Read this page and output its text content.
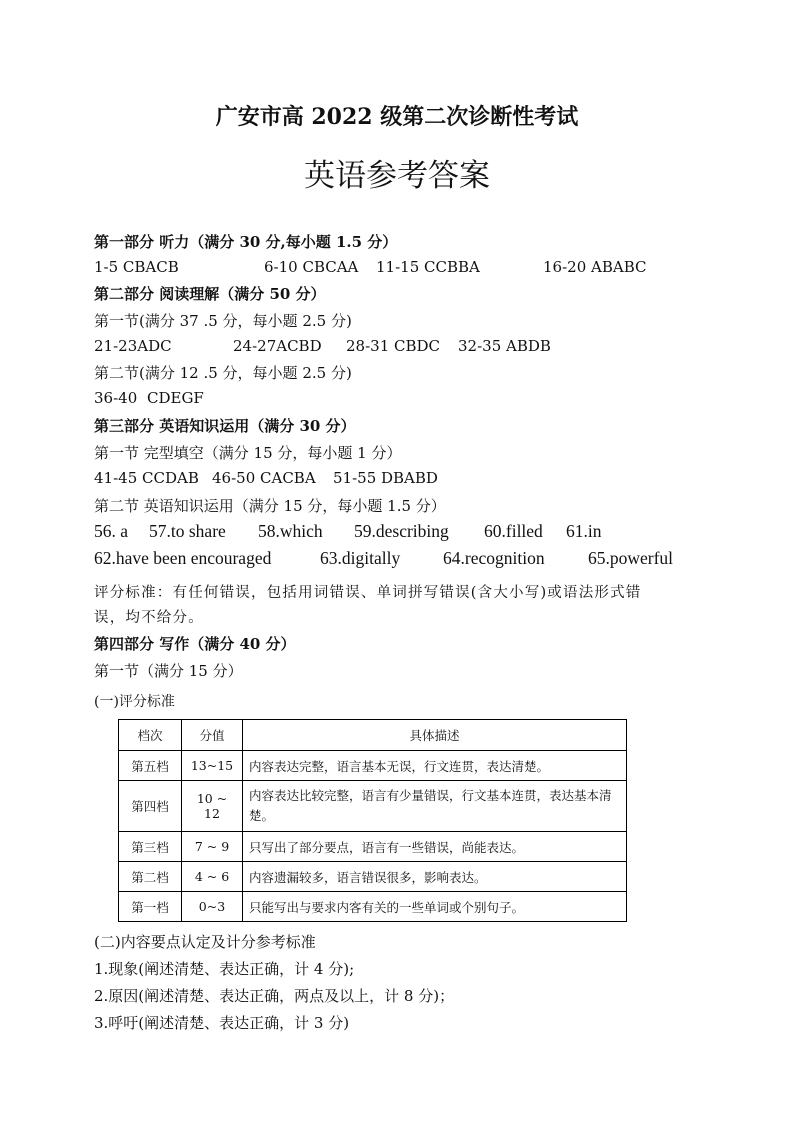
广安市高 2022 级第二次诊断性考试
英语参考答案
第一部分 听力（满分 30 分,每小题 1.5 分）
1-5 CBACB	6-10 CBCAA 11-15 CCBBA	16-20 ABABC
第二部分 阅读理解（满分 50 分）
第一节(满分 37 .5 分，每小题 2.5 分)
21-23ADC	24-27ACBD 28-31 CBDC 32-35 ABDB
第二节(满分 12 .5 分，每小题 2.5 分)
36-40 CDEGF
第三部分 英语知识运用（满分 30 分）
第一节 完型填空（满分 15 分，每小题 1 分）
41-45 CCDAB 46-50 CACBA 51-55 DBABD
第二节 英语知识运用（满分 15 分，每小题 1.5 分）
56. a 57.to share 58.which 59.describing 60.filled 61.in
62.have been encouraged	63.digitally 64.recognition 65.powerful
评分标准：有任何错误，包括用词错误、单词拼写错误(含大小写)或语法形式错
误，均不给分。
第四部分 写作（满分 40 分）
第一节（满分 15 分）
(一)评分标准
档次	分值	具体描述
第五档	13~15	内容表达完整，语言基本无误，行文连贯，表达清楚。
第四档	10 ~ 12	内容表达比较完整，语言有少量错误，行文基本连贯，表达基本清楚。
第三档	7 ~ 9	只写出了部分要点，语言有一些错误，尚能表达。
第二档	4 ~ 6	内容遗漏较多，语言错误很多，影响表达。
第一档	0~3	只能写出与要求内客有关的一些单词或个别句子。
(二)内容要点认定及计分参考标准
1.现象(阐述清楚、表达正确，计 4 分);
2.原因(阐述清楚、表达正确，两点及以上，计 8 分)；
3.呼吁(阐述清楚、表达正确，计 3 分)
